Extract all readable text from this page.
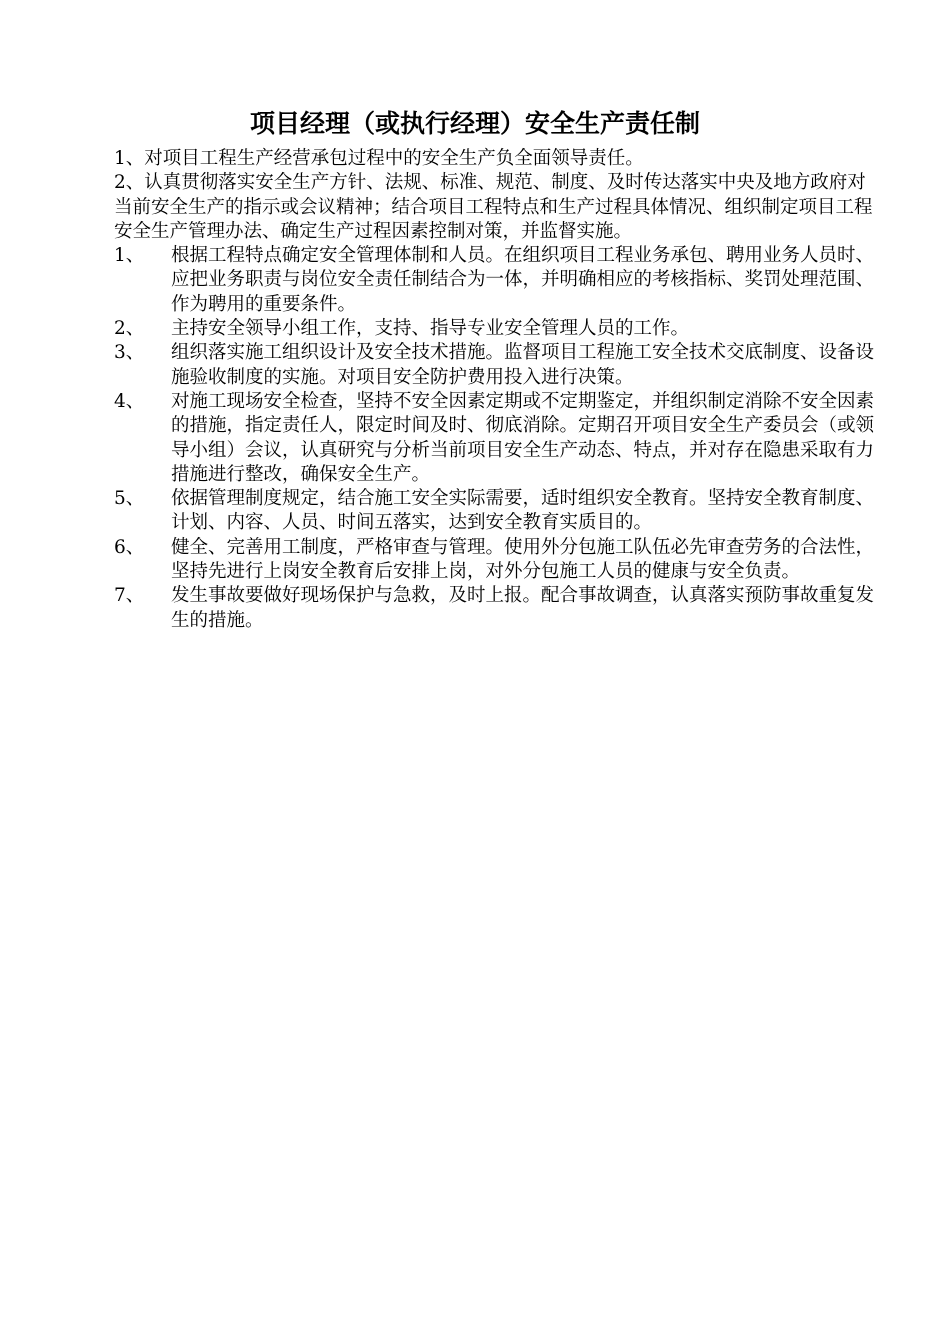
项目经理（或执行经理）安全生产责任制

1、对项目工程生产经营承包过程中的安全生产负全面领导责任。

2、认真贯彻落实安全生产方针、法规、标准、规范、制度、及时传达落实中央及地方政府对当前安全生产的指示或会议精神；结合项目工程特点和生产过程具体情况、组织制定项目工程安全生产管理办法、确定生产过程因素控制对策，并监督实施。

1、	根据工程特点确定安全管理体制和人员。在组织项目工程业务承包、聘用业务人员时、应把业务职责与岗位安全责任制结合为一体，并明确相应的考核指标、奖罚处理范围、作为聘用的重要条件。
2、	主持安全领导小组工作，支持、指导专业安全管理人员的工作。
3、	组织落实施工组织设计及安全技术措施。监督项目工程施工安全技术交底制度、设备设施验收制度的实施。对项目安全防护费用投入进行决策。
4、	对施工现场安全检查，坚持不安全因素定期或不定期鉴定，并组织制定消除不安全因素的措施，指定责任人，限定时间及时、彻底消除。定期召开项目安全生产委员会（或领导小组）会议，认真研究与分析当前项目安全生产动态、特点，并对存在隐患采取有力措施进行整改，确保安全生产。
5、	依据管理制度规定，结合施工安全实际需要，适时组织安全教育。坚持安全教育制度、计划、内容、人员、时间五落实，达到安全教育实质目的。
6、	健全、完善用工制度，严格审查与管理。使用外分包施工队伍必先审查劳务的合法性，坚持先进行上岗安全教育后安排上岗，对外分包施工人员的健康与安全负责。
7、	发生事故要做好现场保护与急救，及时上报。配合事故调查，认真落实预防事故重复发生的措施。
